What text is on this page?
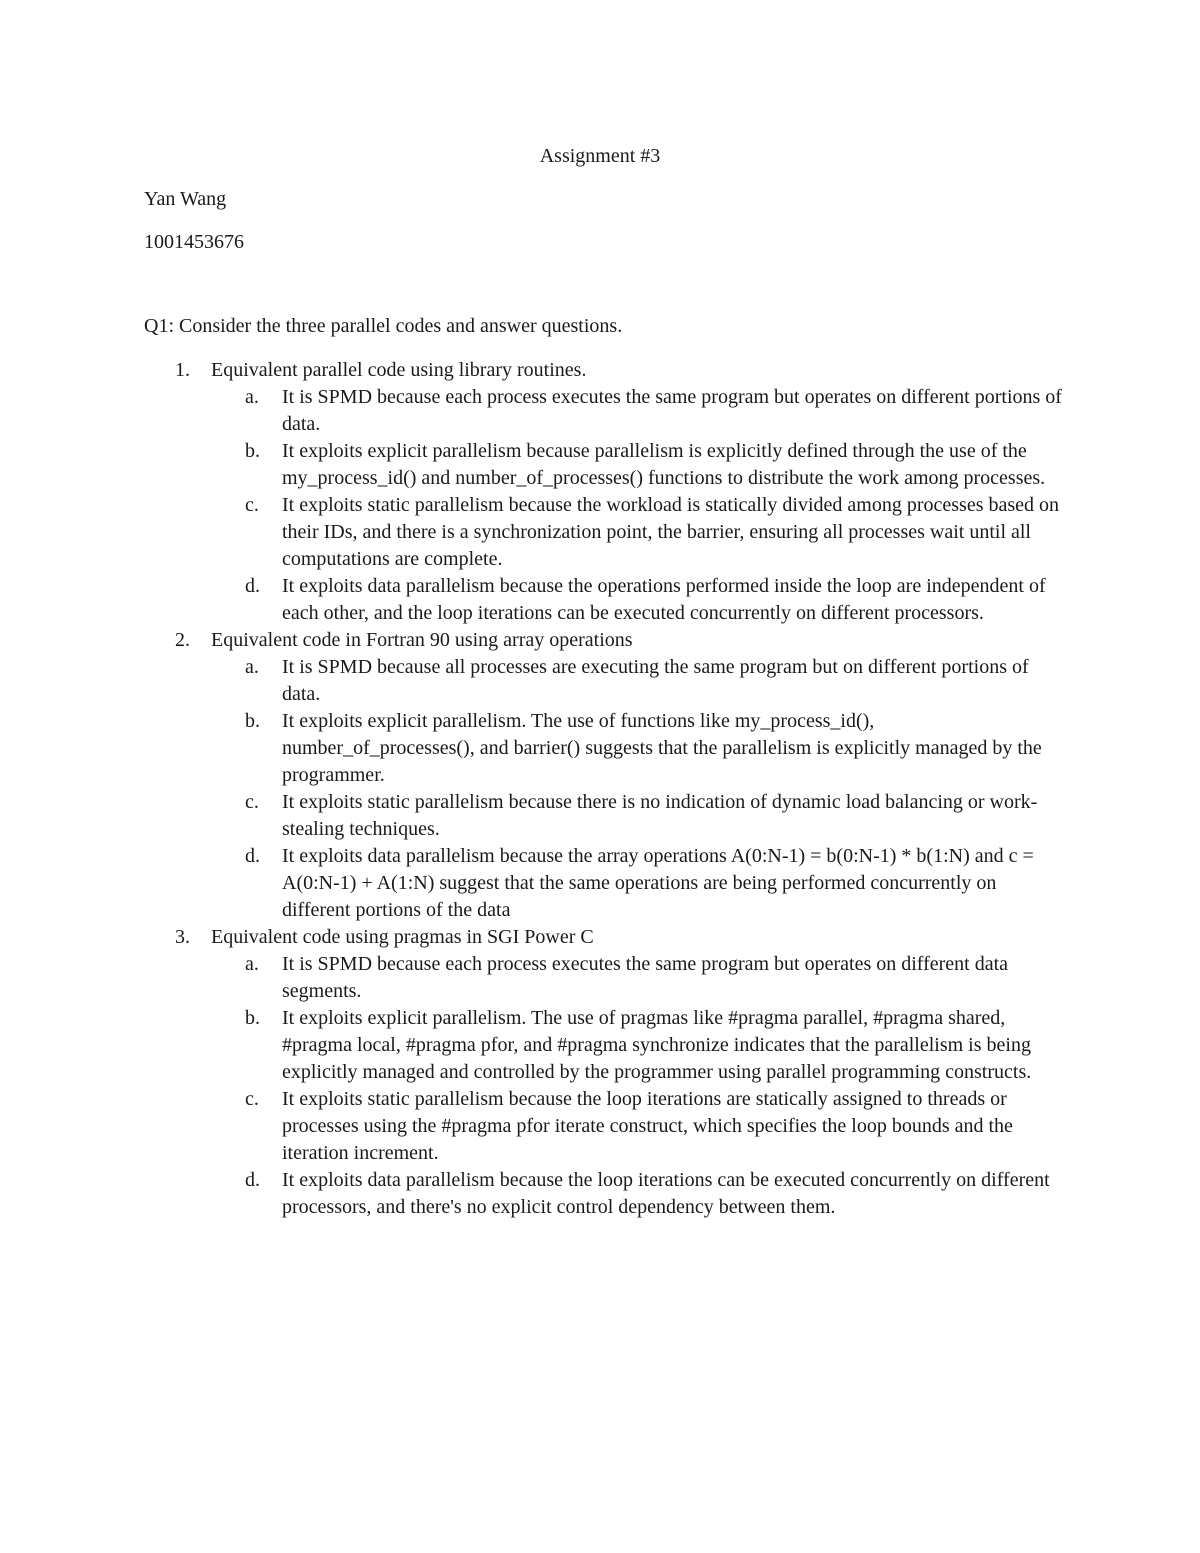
Assignment #3

Yan Wang

1001453676

Q1: Consider the three parallel codes and answer questions.

1. Equivalent parallel code using library routines.
a. It is SPMD because each process executes the same program but operates on different portions of data.
b. It exploits explicit parallelism because parallelism is explicitly defined through the use of the my_process_id() and number_of_processes() functions to distribute the work among processes.
c. It exploits static parallelism because the workload is statically divided among processes based on their IDs, and there is a synchronization point, the barrier, ensuring all processes wait until all computations are complete.
d. It exploits data parallelism because the operations performed inside the loop are independent of each other, and the loop iterations can be executed concurrently on different processors.
2. Equivalent code in Fortran 90 using array operations
a. It is SPMD because all processes are executing the same program but on different portions of data.
b. It exploits explicit parallelism. The use of functions like my_process_id(), number_of_processes(), and barrier() suggests that the parallelism is explicitly managed by the programmer.
c. It exploits static parallelism because there is no indication of dynamic load balancing or work-stealing techniques.
d. It exploits data parallelism because the array operations A(0:N-1) = b(0:N-1) * b(1:N) and c = A(0:N-1) + A(1:N) suggest that the same operations are being performed concurrently on different portions of the data
3. Equivalent code using pragmas in SGI Power C
a. It is SPMD because each process executes the same program but operates on different data segments.
b. It exploits explicit parallelism. The use of pragmas like #pragma parallel, #pragma shared, #pragma local, #pragma pfor, and #pragma synchronize indicates that the parallelism is being explicitly managed and controlled by the programmer using parallel programming constructs.
c. It exploits static parallelism because the loop iterations are statically assigned to threads or processes using the #pragma pfor iterate construct, which specifies the loop bounds and the iteration increment.
d. It exploits data parallelism because the loop iterations can be executed concurrently on different processors, and there's no explicit control dependency between them.
